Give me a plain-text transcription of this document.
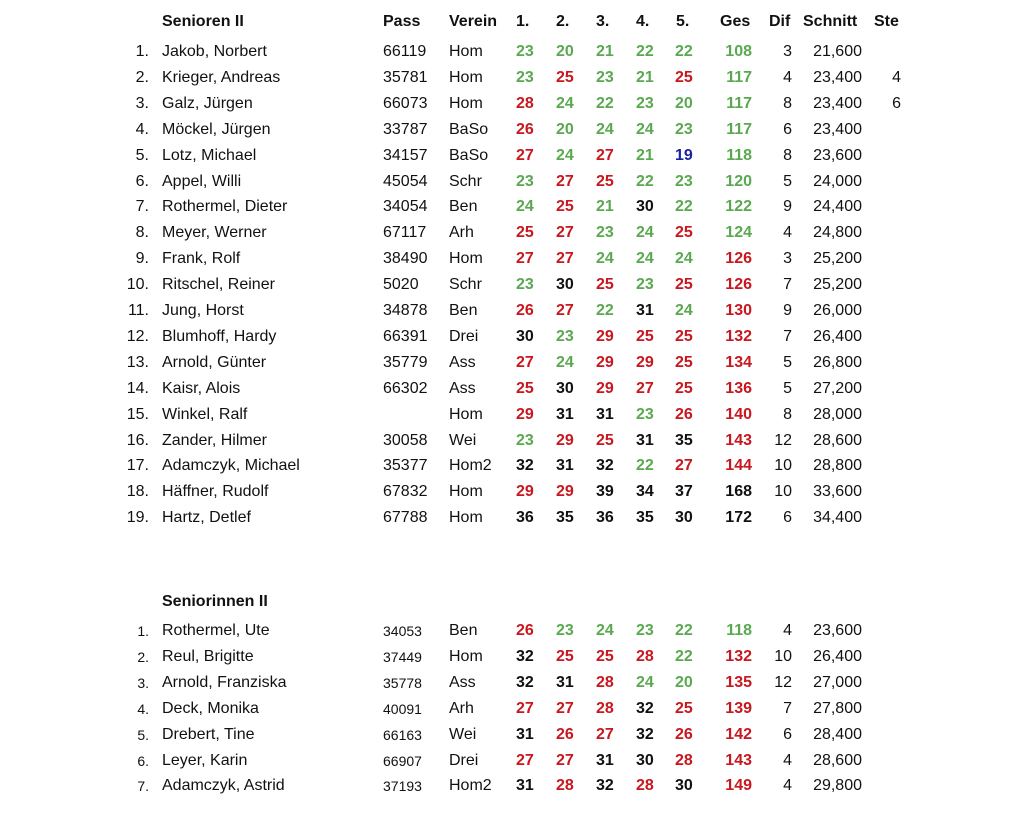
Senioren II	Pass Verein 1. 2. 3. 4. 5. Ges Dif Schnitt Ste
1. Jakob, Norbert	66119 Hom 23 20 21 22 22 108 3 21,600
2. Krieger, Andreas	35781 Hom 23 25 23 21 25 117 4 23,400 4
3. Galz, Jürgen	66073 Hom 28 24 22 23 20 117 8 23,400 6
4. Möckel, Jürgen	33787 BaSo 26 20 24 24 23 117 6 23,400
5. Lotz, Michael	34157 BaSo 27 24 27 21 19 118 8 23,600
6. Appel, Willi	45054 Schr 23 27 25 22 23 120 5 24,000
7. Rothermel, Dieter	34054 Ben 24 25 21 30 22 122 9 24,400
8. Meyer, Werner	67117 Arh	25 27 23 24 25 124 4 24,800
9. Frank, Rolf	38490 Hom 27 27 24 24 24 126 3 25,200
10. Ritschel, Reiner	5020 Schr 23 30 25 23 25 126 7 25,200
11. Jung, Horst	34878 Ben 26 27 22 31 24 130 9 26,000
12. Blumhoff, Hardy	66391 Drei 30 23 29 25 25 132 7 26,400
13. Arnold, Günter	35779 Ass	27 24 29 29 25 134 5 26,800
14. Kaisr, Alois	66302 Ass	25 30 29 27 25 136 5 27,200
15. Winkel, Ralf	Hom 29 31 31 23 26 140 8 28,000
16. Zander, Hilmer	30058 Wei 23 29 25 31 35 143 12 28,600
17. Adamczyk, Michael	35377 Hom2 32 31 32 22 27 144 10 28,800
18. Häffner, Rudolf	67832 Hom 29 29 39 34 37 168 10 33,600
19. Hartz, Detlef	67788 Hom 36 35 36 35 30 172 6 34,400
Seniorinnen II
1. Rothermel, Ute	34053 Ben 26 23 24 23 22 118 4 23,600
2. Reul, Brigitte	37449 Hom 32 25 25 28 22 132 10 26,400
3. Arnold, Franziska	35778 Ass	32 31 28 24 20 135 12 27,000
4. Deck, Monika	40091 Arh	27 27 28 32 25 139 7 27,800
5. Drebert, Tine	66163 Wei 31 26 27 32 26 142 6 28,400
6. Leyer, Karin	66907 Drei 27 27 31 30 28 143 4 28,600
7. Adamczyk, Astrid	37193 Hom2 31 28 32 28 30 149 4 29,800
